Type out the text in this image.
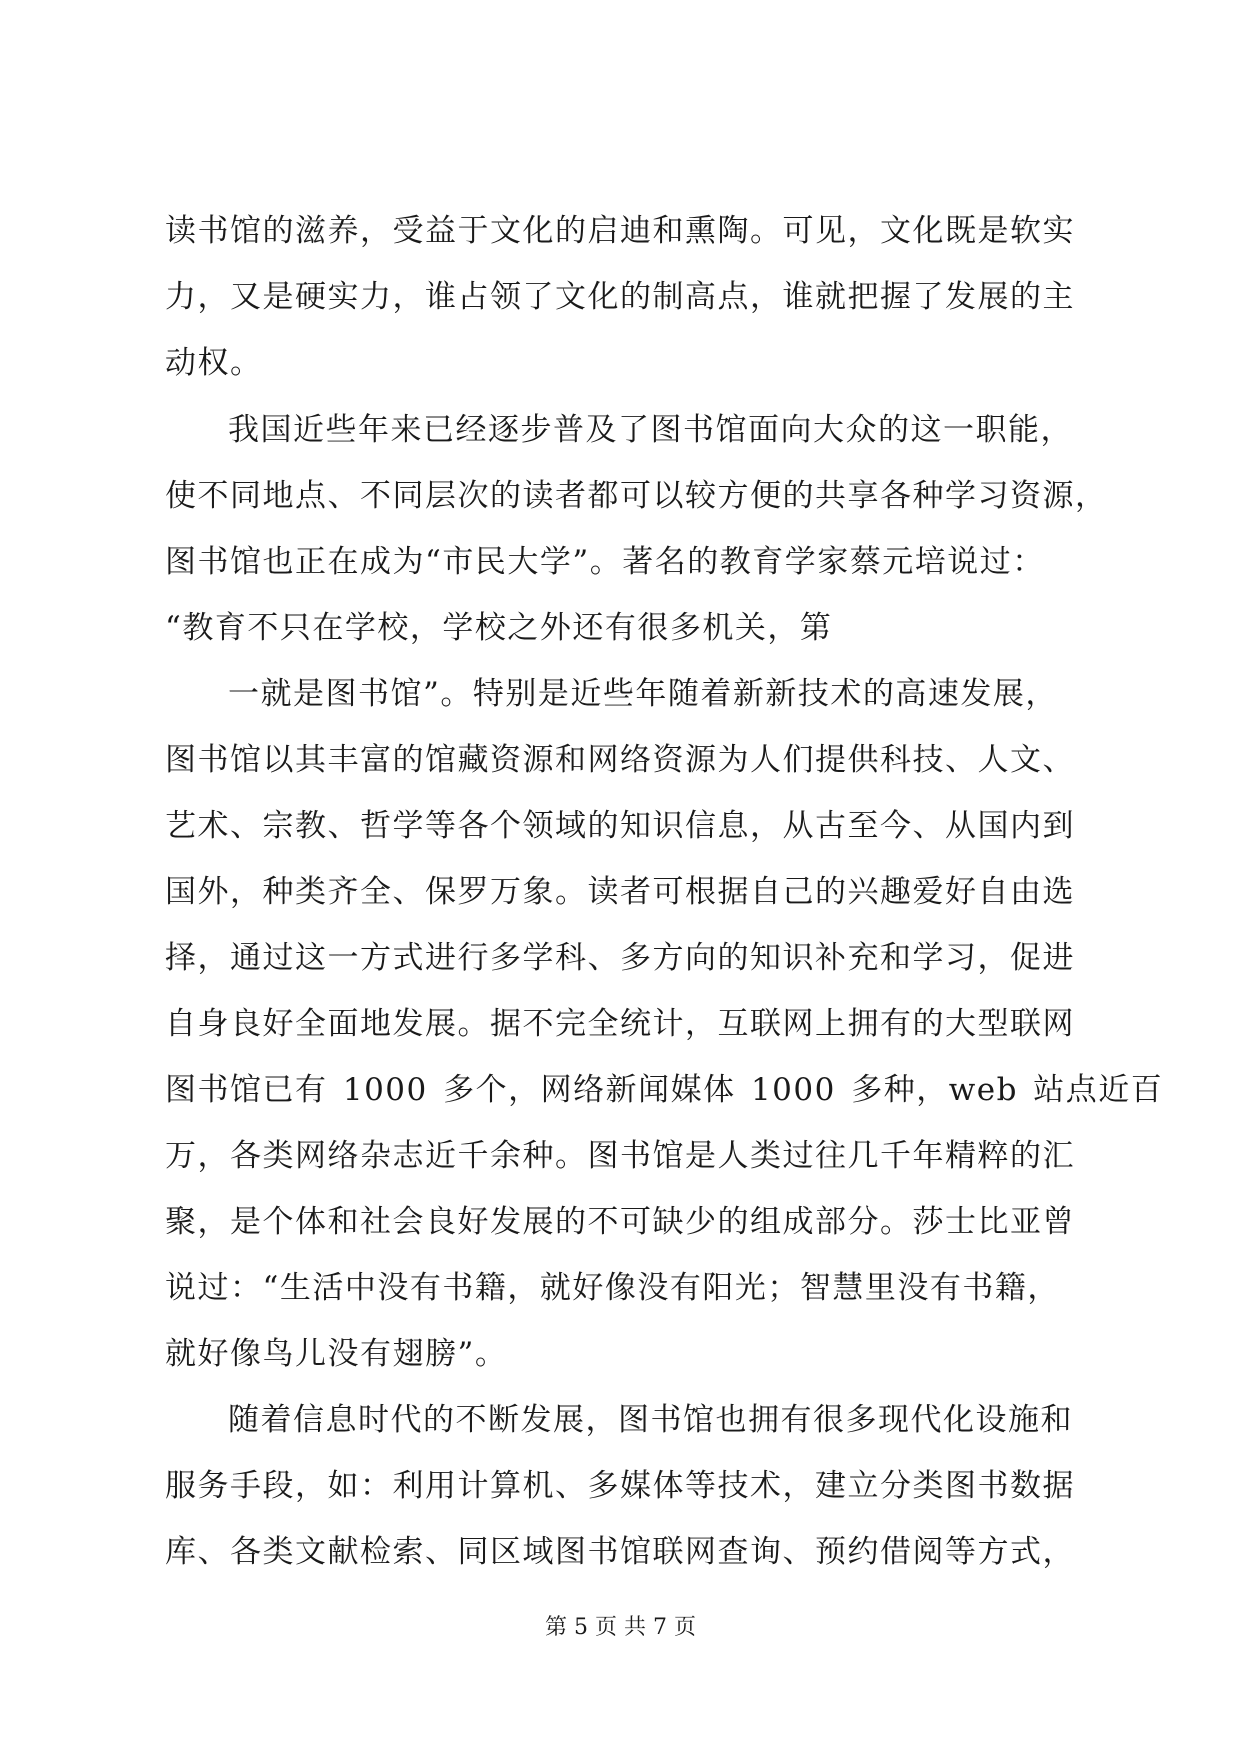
读书馆的滋养，受益于文化的启迪和熏陶。可见，文化既是软实
力，又是硬实力，谁占领了文化的制高点，谁就把握了发展的主
动权。
我国近些年来已经逐步普及了图书馆面向大众的这一职能，
使不同地点、不同层次的读者都可以较方便的共享各种学习资源，
图书馆也正在成为“市民大学”。著名的教育学家蔡元培说过：
“教育不只在学校，学校之外还有很多机关，第
一就是图书馆”。特别是近些年随着新新技术的高速发展，
图书馆以其丰富的馆藏资源和网络资源为人们提供科技、人文、
艺术、宗教、哲学等各个领域的知识信息，从古至今、从国内到
国外，种类齐全、保罗万象。读者可根据自己的兴趣爱好自由选
择，通过这一方式进行多学科、多方向的知识补充和学习，促进
自身良好全面地发展。据不完全统计，互联网上拥有的大型联网
图书馆已有 1000 多个，网络新闻媒体 1000 多种，web 站点近百
万，各类网络杂志近千余种。图书馆是人类过往几千年精粹的汇
聚，是个体和社会良好发展的不可缺少的组成部分。莎士比亚曾
说过：“生活中没有书籍，就好像没有阳光；智慧里没有书籍，
就好像鸟儿没有翅膀”。
随着信息时代的不断发展，图书馆也拥有很多现代化设施和
服务手段，如：利用计算机、多媒体等技术，建立分类图书数据
库、各类文献检索、同区域图书馆联网查询、预约借阅等方式，
第 5 页 共 7 页
